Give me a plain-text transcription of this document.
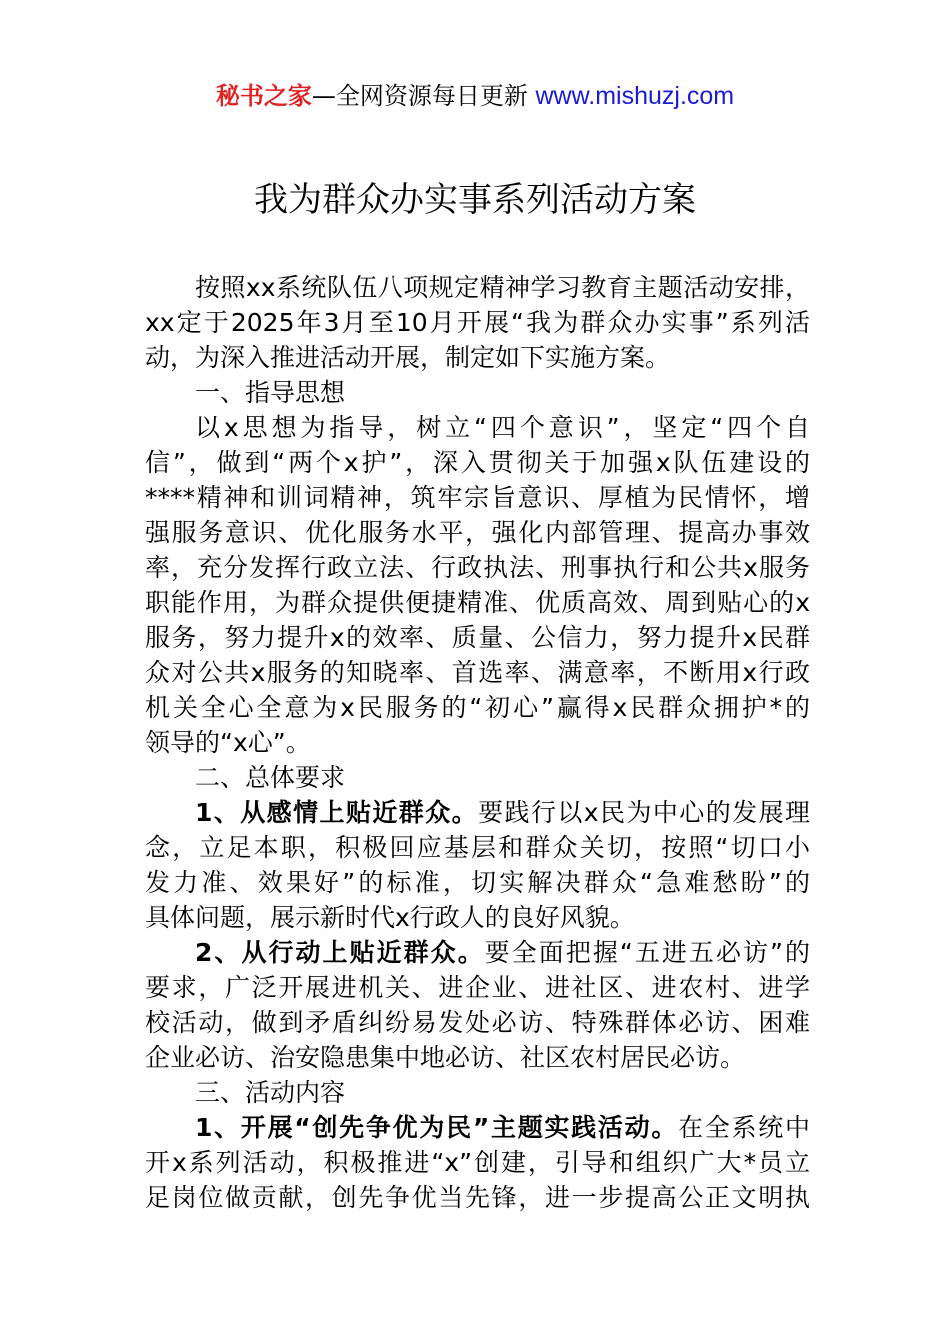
秘书之家—全网资源每日更新 www.mishuzj.com
我为群众办实事系列活动方案
按照xx系统队伍八项规定精神学习教育主题活动安排，
xx定于2025年3月至10月开展“我为群众办实事”系列活
动，为深入推进活动开展，制定如下实施方案。
一、指导思想
以x思想为指导，树立“四个意识”，坚定“四个自
信”，做到“两个x护”，深入贯彻关于加强x队伍建设的
****精神和训词精神，筑牢宗旨意识、厚植为民情怀，增
强服务意识、优化服务水平，强化内部管理、提高办事效
率，充分发挥行政立法、行政执法、刑事执行和公共x服务
职能作用，为群众提供便捷精准、优质高效、周到贴心的x
服务，努力提升x的效率、质量、公信力，努力提升x民群
众对公共x服务的知晓率、首选率、满意率，不断用x行政
机关全心全意为x民服务的“初心”赢得x民群众拥护*的
领导的“x心”。
二、总体要求
1、从感情上贴近群众。要践行以x民为中心的发展理
念，立足本职，积极回应基层和群众关切，按照“切口小
发力准、效果好”的标准，切实解决群众“急难愁盼”的
具体问题，展示新时代x行政人的良好风貌。
2、从行动上贴近群众。要全面把握“五进五必访”的
要求，广泛开展进机关、进企业、进社区、进农村、进学
校活动，做到矛盾纠纷易发处必访、特殊群体必访、困难
企业必访、治安隐患集中地必访、社区农村居民必访。
三、活动内容
1、开展“创先争优为民”主题实践活动。在全系统中
开x系列活动，积极推进“x”创建，引导和组织广大*员立
足岗位做贡献，创先争优当先锋，进一步提高公正文明执
